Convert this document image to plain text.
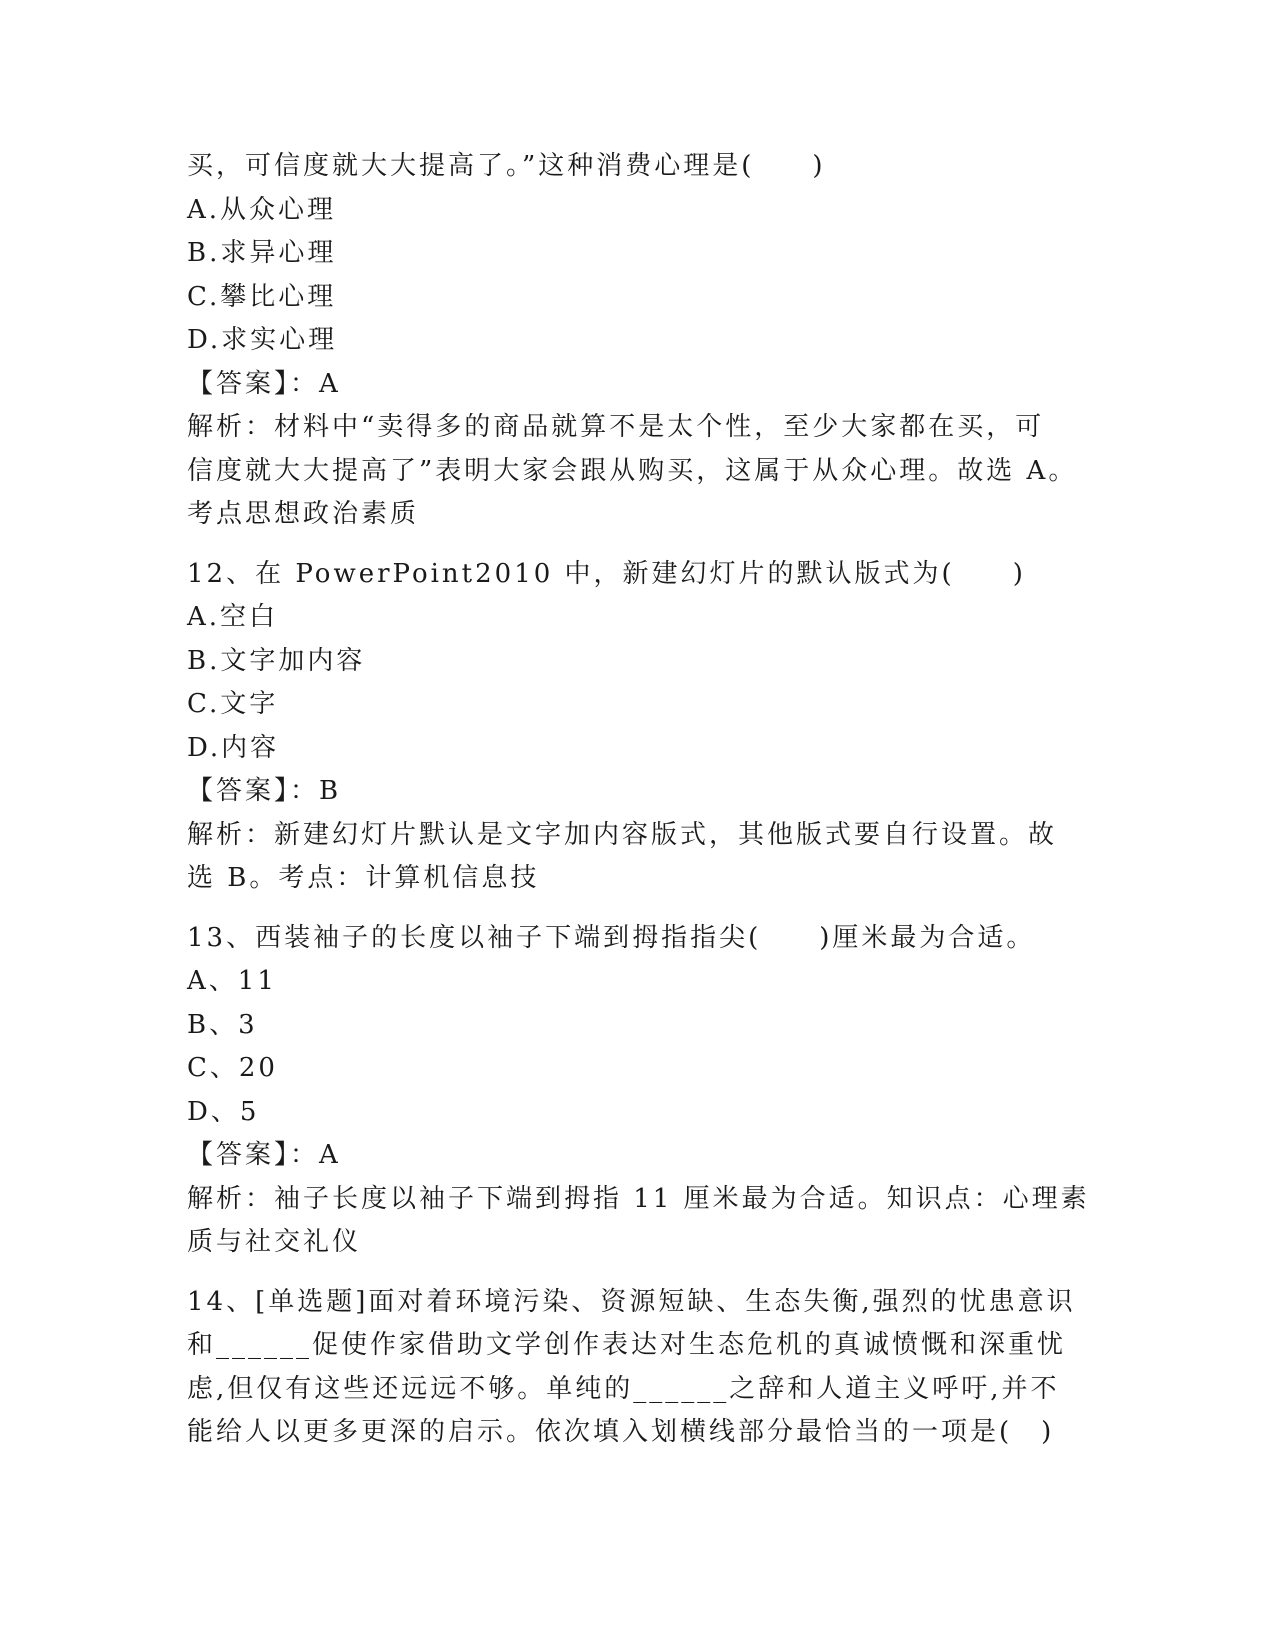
买，可信度就大大提高了。”这种消费心理是(　　)
A.从众心理
B.求异心理
C.攀比心理
D.求实心理
【答案】：A
解析：材料中“卖得多的商品就算不是太个性，至少大家都在买，可
信度就大大提高了”表明大家会跟从购买，这属于从众心理。故选 A。
考点思想政治素质
12、在 PowerPoint2010 中，新建幻灯片的默认版式为(　　)
A.空白
B.文字加内容
C.文字
D.内容
【答案】：B
解析：新建幻灯片默认是文字加内容版式，其他版式要自行设置。故
选 B。考点：计算机信息技
13、西装袖子的长度以袖子下端到拇指指尖(　　)厘米最为合适。
A、11
B、3
C、20
D、5
【答案】：A
解析：袖子长度以袖子下端到拇指 11 厘米最为合适。知识点：心理素
质与社交礼仪
14、[单选题]面对着环境污染、资源短缺、生态失衡,强烈的忧患意识
和______促使作家借助文学创作表达对生态危机的真诚愤慨和深重忧
虑,但仅有这些还远远不够。单纯的______之辞和人道主义呼吁,并不
能给人以更多更深的启示。依次填入划横线部分最恰当的一项是(　)
